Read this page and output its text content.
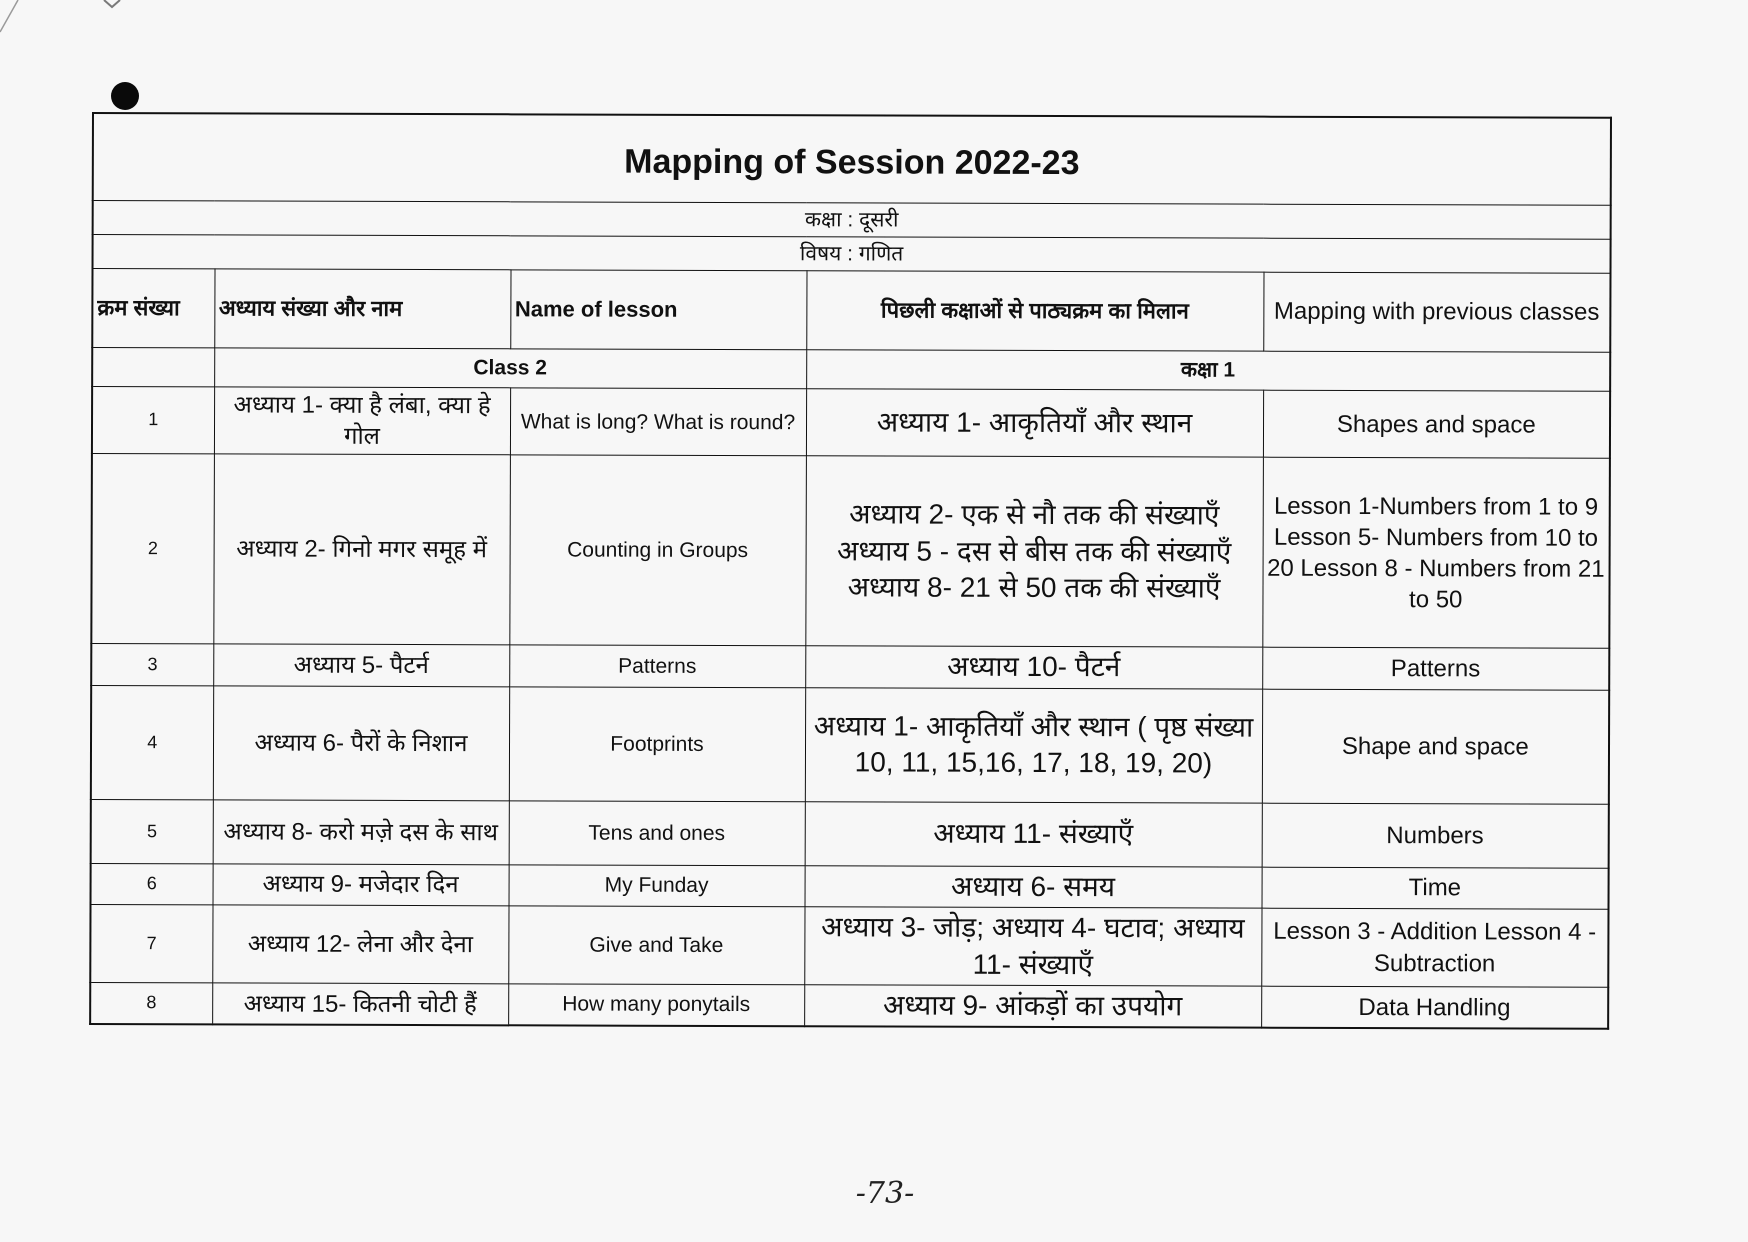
Mapping of Session 2022-23				
कक्षा : दूसरी				
विषय : गणित				
क्रम संख्या	अध्याय संख्या और नाम	Name of lesson	पिछली कक्षाओं से पाठ्यक्रम का मिलान	Mapping with previous classes
	Class 2		कक्षा 1	
1	अध्याय 1- क्या है लंबा, क्या हे गोल	What is long? What is round?	अध्याय 1- आकृतियाँ और स्थान	Shapes and space
2	अध्याय 2- गिनो मगर समूह में	Counting in Groups	अध्याय 2- एक से नौ तक की संख्याएँ अध्याय 5 - दस से बीस तक की संख्याएँ अध्याय 8- 21 से 50 तक की संख्याएँ	Lesson 1-Numbers from 1 to 9 Lesson 5- Numbers from 10 to 20 Lesson 8 - Numbers from 21 to 50
3	अध्याय 5- पैटर्न	Patterns	अध्याय 10- पैटर्न	Patterns
4	अध्याय 6- पैरों के निशान	Footprints	अध्याय 1- आकृतियाँ और स्थान ( पृष्ठ संख्या 10, 11, 15,16, 17, 18, 19, 20)	Shape and space
5	अध्याय 8- करो मज़े दस के साथ	Tens and ones	अध्याय 11- संख्याएँ	Numbers
6	अध्याय 9- मजेदार दिन	My Funday	अध्याय 6- समय	Time
7	अध्याय 12- लेना और देना	Give and Take	अध्याय 3- जोड़; अध्याय 4- घटाव; अध्याय 11- संख्याएँ	Lesson 3 - Addition Lesson 4 - Subtraction
8	अध्याय 15- कितनी चोटी हैं	How many ponytails	अध्याय 9- आंकड़ों का उपयोग	Data Handling
-73-
